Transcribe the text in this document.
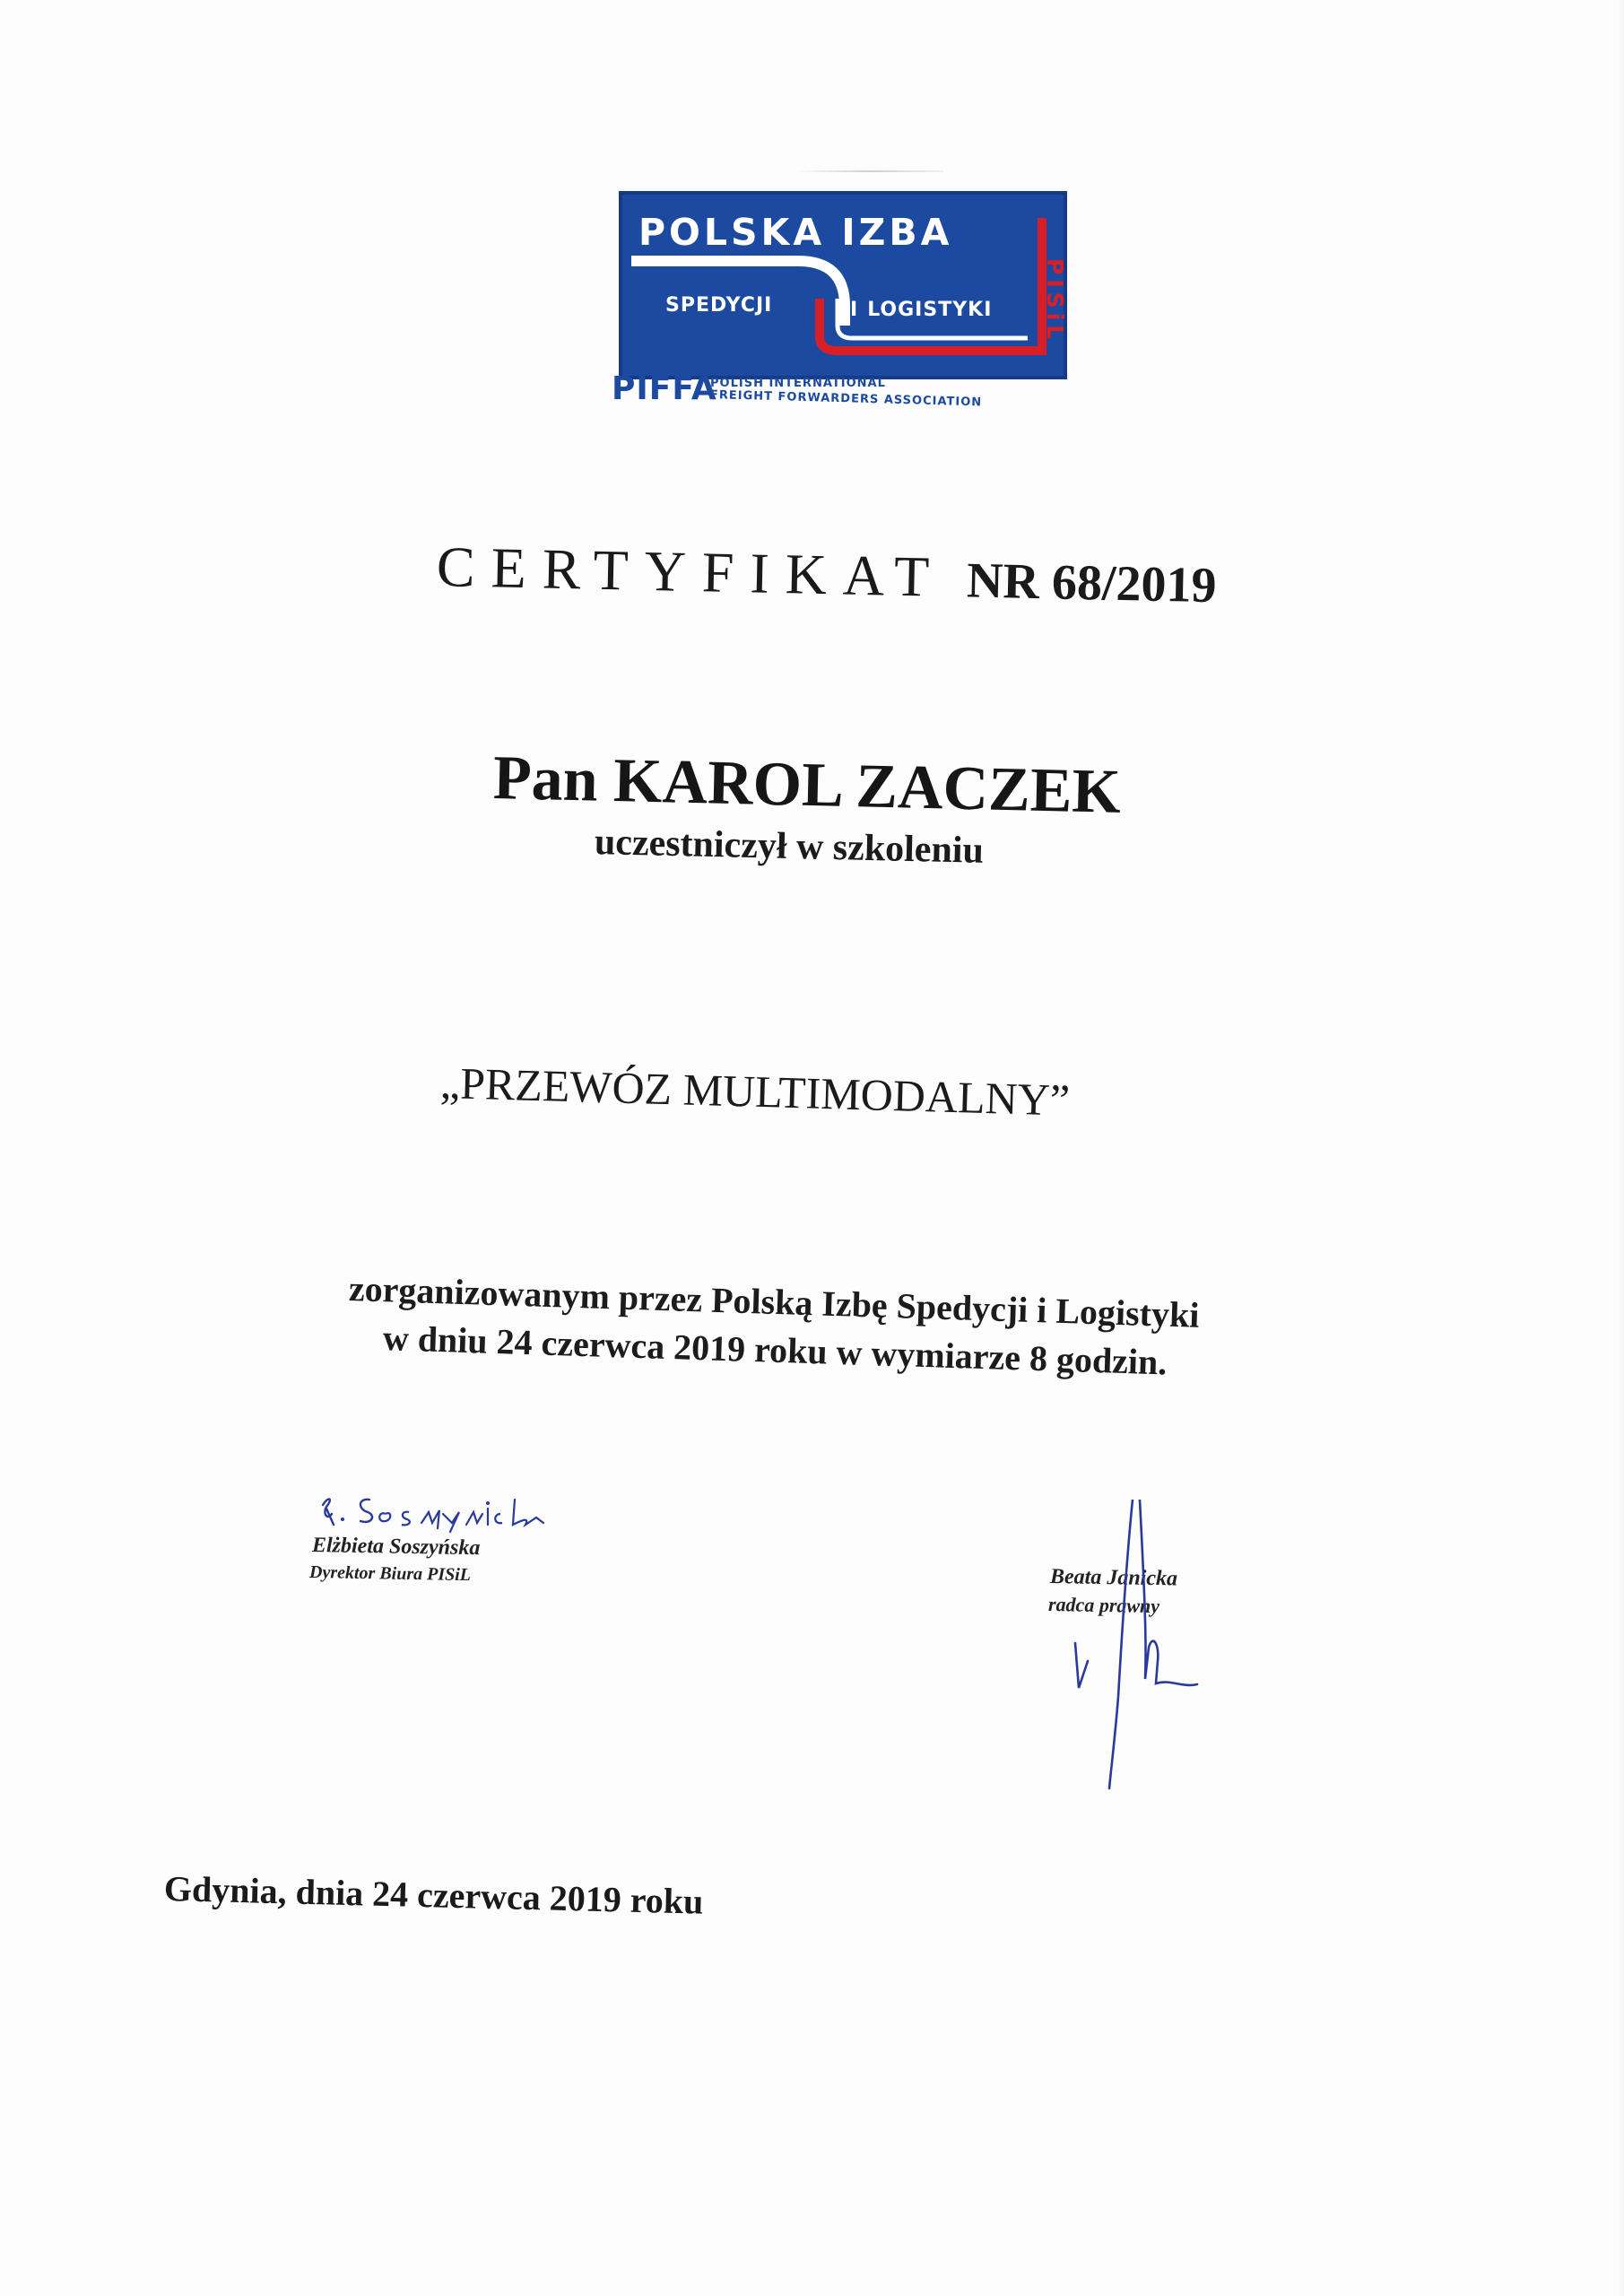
POLSKA IZBA
SPEDYCJI	I LOGISTYKI PISiL
PIFFA
POLISH INTERNATIONAL
FREIGHT FORWARDERS ASSOCIATION
CERTYFIKAT NR 68/2019
Pan KAROL ZACZEK
uczestniczył w szkoleniu
„PRZEWÓZ MULTIMODALNY”
zorganizowanym przez Polską Izbę Spedycji i Logistyki
w dniu 24 czerwca 2019 roku w wymiarze 8 godzin.
Elżbieta Soszyńska
Dyrektor Biura PISiL	Beata Janicka
radca prawny
Gdynia, dnia 24 czerwca 2019 roku
